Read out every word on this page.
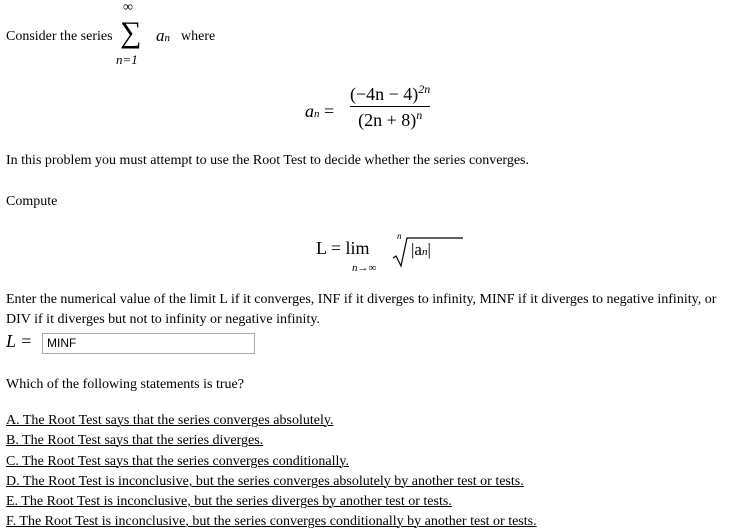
Consider the series
∞
∑
n=1
an where
an =
$(-4n - 4)^{2n}$
$(2n + 8)^n$
In this problem you must attempt to use the Root Test to decide whether the series converges.
Compute
L = lim
n→∞
n
|an|
Enter the numerical value of the limit L if it converges, INF if it diverges to infinity, MINF if it diverges to negative infinity, or
DIV if it diverges but not to infinity or negative infinity.
L =	MINF
Which of the following statements is true?
A. The Root Test says that the series converges absolutely.
B. The Root Test says that the series diverges.
C. The Root Test says that the series converges conditionally.
D. The Root Test is inconclusive, but the series converges absolutely by another test or tests.
E. The Root Test is inconclusive, but the series diverges by another test or tests.
F. The Root Test is inconclusive, but the series converges conditionally by another test or tests.
